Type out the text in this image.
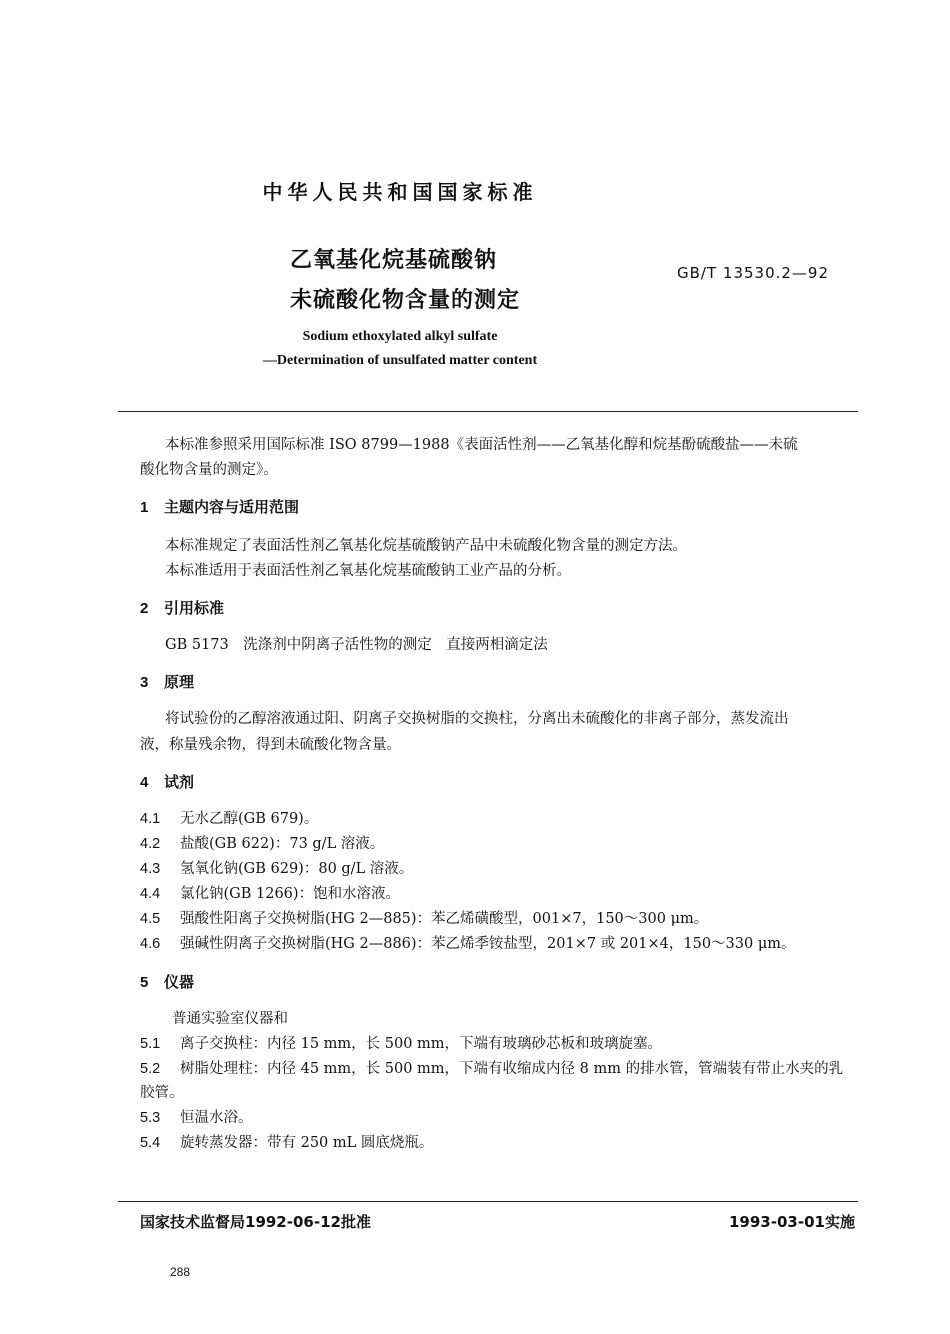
中华人民共和国国家标准
乙氧基化烷基硫酸钠
未硫酸化物含量的测定
GB/T 13530.2—92
Sodium ethoxylated alkyl sulfate
—Determination of unsulfated matter content
本标准参照采用国际标准 ISO 8799—1988《表面活性剂——乙氧基化醇和烷基酚硫酸盐——未硫
酸化物含量的测定》。
1 主题内容与适用范围
本标准规定了表面活性剂乙氧基化烷基硫酸钠产品中未硫酸化物含量的测定方法。
本标准适用于表面活性剂乙氧基化烷基硫酸钠工业产品的分析。
2 引用标准
GB 5173　洗涤剂中阴离子活性物的测定　直接两相滴定法
3 原理
将试验份的乙醇溶液通过阳、阴离子交换树脂的交换柱，分离出未硫酸化的非离子部分，蒸发流出
液，称量残余物，得到未硫酸化物含量。
4 试剂
4.1 无水乙醇(GB 679)。
4.2 盐酸(GB 622)：73 g/L 溶液。
4.3 氢氧化钠(GB 629)：80 g/L 溶液。
4.4 氯化钠(GB 1266)：饱和水溶液。
4.5 强酸性阳离子交换树脂(HG 2—885)：苯乙烯磺酸型，001×7，150～300 μm。
4.6 强碱性阴离子交换树脂(HG 2—886)：苯乙烯季铵盐型，201×7 或 201×4，150～330 μm。
5 仪器
普通实验室仪器和
5.1 离子交换柱：内径 15 mm，长 500 mm，下端有玻璃砂芯板和玻璃旋塞。
5.2 树脂处理柱：内径 45 mm，长 500 mm，下端有收缩成内径 8 mm 的排水管，管端装有带止水夹的乳
胶管。
5.3 恒温水浴。
5.4 旋转蒸发器：带有 250 mL 圆底烧瓶。
国家技术监督局1992-06-12批准	1993-03-01实施
288
